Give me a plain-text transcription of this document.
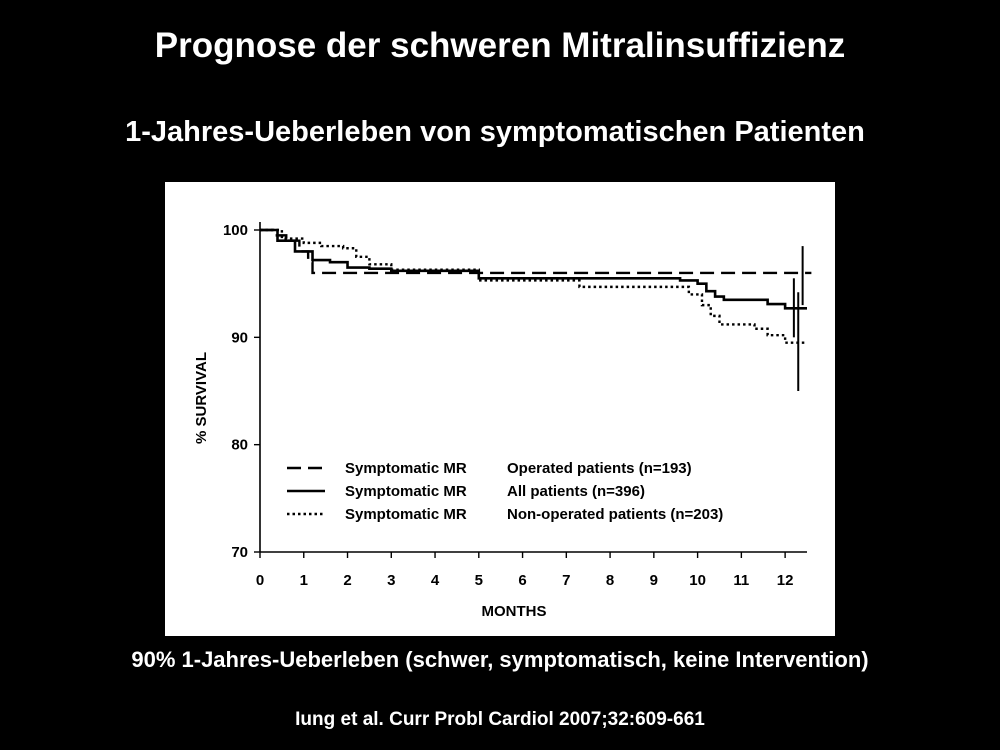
Prognose der schweren Mitralinsuffizienz
1-Jahres-Ueberleben von symptomatischen Patienten
0 1 2 3 4 5 6 7 8 9 10 11 12
70
80
90
100
Symptomatic MR	Operated patients (n=193)
Symptomatic MR	All patients (n=396)
Symptomatic MR	Non-operated patients (n=203)
MONTHS
% SURVIVAL
90% 1-Jahres-Ueberleben (schwer, symptomatisch, keine Intervention)
Iung et al. Curr Probl Cardiol 2007;32:609-661
